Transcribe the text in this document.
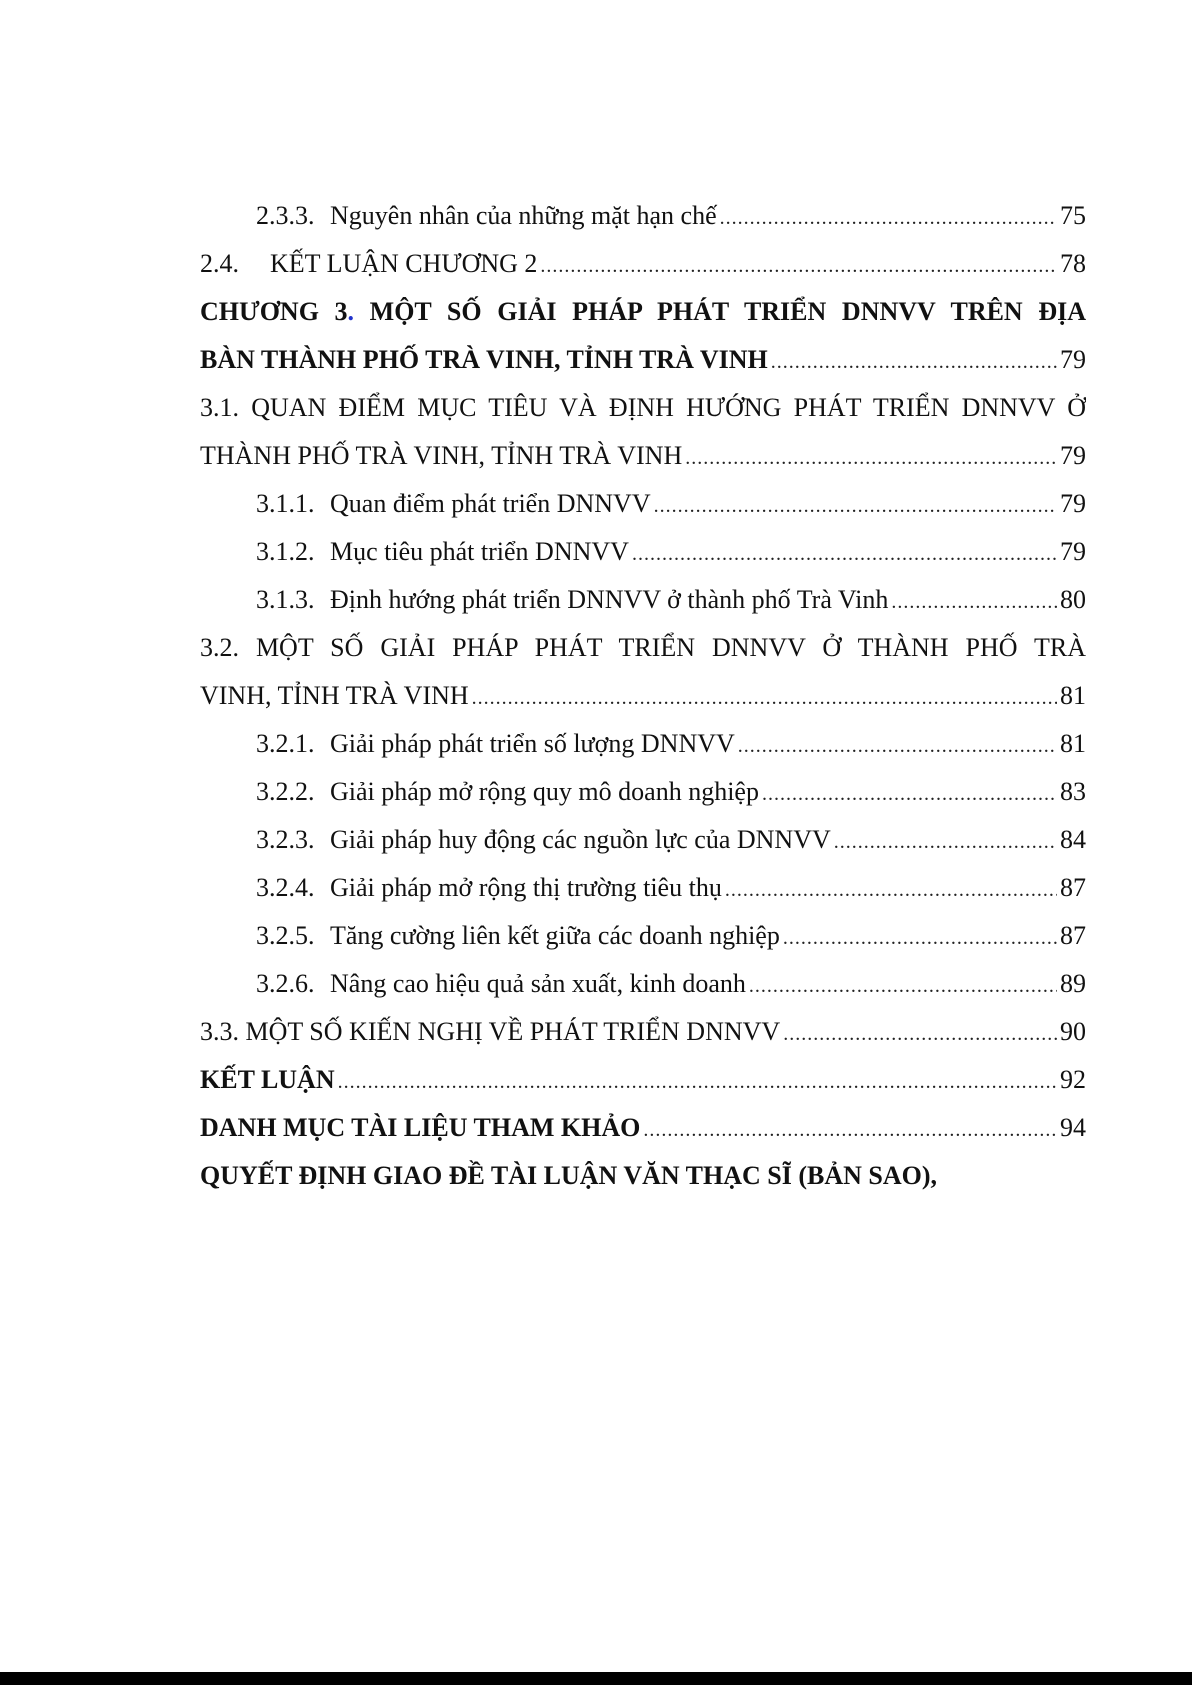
2.3.3. Nguyên nhân của những mặt hạn chế .....	75
2.4.	KẾT LUẬN CHƯƠNG 2 .....	78
CHƯƠNG 3. MỘT SỐ GIẢI PHÁP PHÁT TRIỂN DNNVV TRÊN ĐỊA
BÀN THÀNH PHỐ TRÀ VINH, TỈNH TRÀ VINH .....	79
3.1. QUAN ĐIỂM MỤC TIÊU VÀ ĐỊNH HƯỚNG PHÁT TRIỂN DNNVV Ở
THÀNH PHỐ TRÀ VINH, TỈNH TRÀ VINH .....	79
3.1.1. Quan điểm phát triển DNNVV .....	79
3.1.2. Mục tiêu phát triển DNNVV .....	79
3.1.3. Định hướng phát triển DNNVV ở thành phố Trà Vinh .....	80
3.2. MỘT SỐ GIẢI PHÁP PHÁT TRIỂN DNNVV Ở THÀNH PHỐ TRÀ
VINH, TỈNH TRÀ VINH .....	81
3.2.1. Giải pháp phát triển số lượng DNNVV .....	81
3.2.2. Giải pháp mở rộng quy mô doanh nghiệp .....	83
3.2.3. Giải pháp huy động các nguồn lực của DNNVV .....	84
3.2.4. Giải pháp mở rộng thị trường tiêu thụ .....	87
3.2.5. Tăng cường liên kết giữa các doanh nghiệp .....	87
3.2.6. Nâng cao hiệu quả sản xuất, kinh doanh .....	89
3.3. MỘT SỐ KIẾN NGHỊ VỀ PHÁT TRIỂN DNNVV .....	90
KẾT LUẬN .....	92
DANH MỤC TÀI LIỆU THAM KHẢO .....	94
QUYẾT ĐỊNH GIAO ĐỀ TÀI LUẬN VĂN THẠC SĨ (BẢN SAO),
